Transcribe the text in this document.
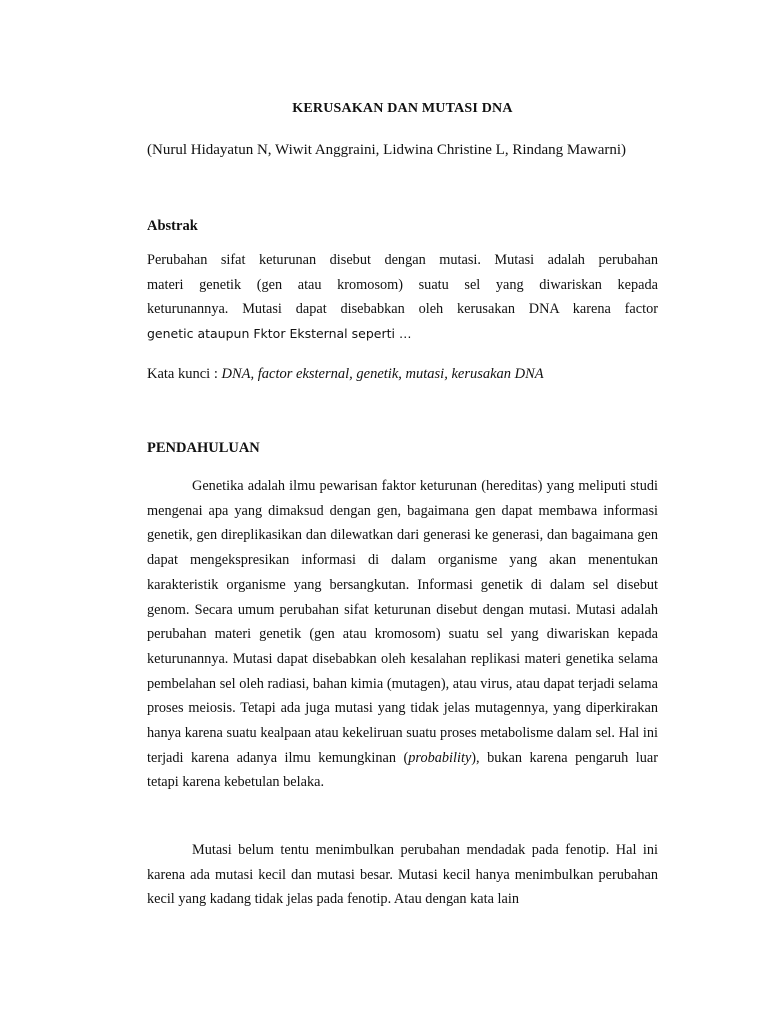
KERUSAKAN DAN MUTASI DNA

(Nurul Hidayatun N, Wiwit Anggraini, Lidwina Christine L, Rindang Mawarni)

Abstrak

Perubahan sifat keturunan disebut dengan mutasi. Mutasi adalah perubahan
materi genetik (gen atau kromosom) suatu sel yang diwariskan kepada
keturunannya. Mutasi dapat disebabkan oleh kerusakan DNA karena factor
genetic ataupun Fktor Eksternal seperti …

Kata kunci : DNA, factor eksternal, genetik, mutasi, kerusakan DNA

PENDAHULUAN

Genetika adalah ilmu pewarisan faktor keturunan (hereditas) yang meliputi studi mengenai apa yang dimaksud dengan gen, bagaimana gen dapat membawa informasi genetik, gen direplikasikan dan dilewatkan dari generasi ke generasi, dan bagaimana gen dapat mengekspresikan informasi di dalam organisme yang akan menentukan karakteristik organisme yang bersangkutan. Informasi genetik di dalam sel disebut genom. Secara umum perubahan sifat keturunan disebut dengan mutasi. Mutasi adalah perubahan materi genetik (gen atau kromosom) suatu sel yang diwariskan kepada keturunannya. Mutasi dapat disebabkan oleh kesalahan replikasi materi genetika selama pembelahan sel oleh radiasi, bahan kimia (mutagen), atau virus, atau dapat terjadi selama proses meiosis. Tetapi ada juga mutasi yang tidak jelas mutagennya, yang diperkirakan hanya karena suatu kealpaan atau kekeliruan suatu proses metabolisme dalam sel. Hal ini terjadi karena adanya ilmu kemungkinan (probability), bukan karena pengaruh luar tetapi karena kebetulan belaka.

Mutasi belum tentu menimbulkan perubahan mendadak pada fenotip. Hal ini karena ada mutasi kecil dan mutasi besar. Mutasi kecil hanya menimbulkan perubahan kecil yang kadang tidak jelas pada fenotip. Atau dengan kata lain
